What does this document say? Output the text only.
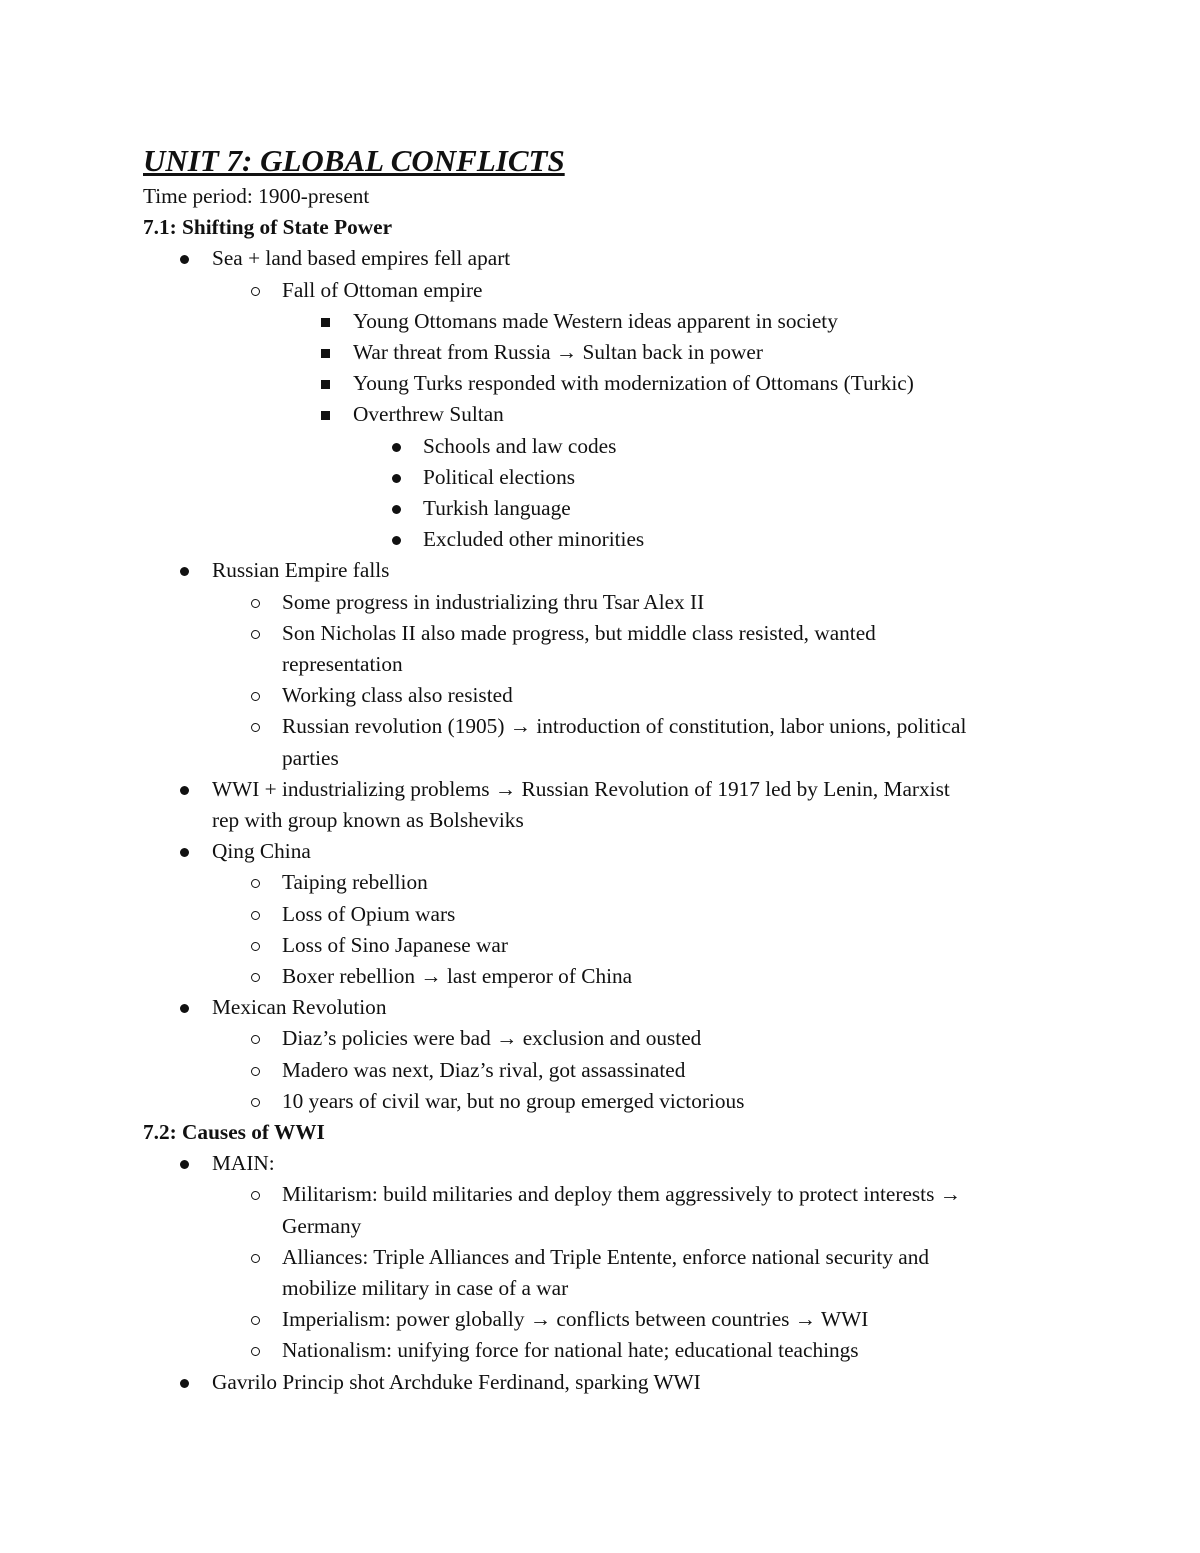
UNIT 7: GLOBAL CONFLICTS
Time period: 1900-present
7.1: Shifting of State Power
Sea + land based empires fell apart
Fall of Ottoman empire
Young Ottomans made Western ideas apparent in society
War threat from Russia → Sultan back in power
Young Turks responded with modernization of Ottomans (Turkic)
Overthrew Sultan
Schools and law codes
Political elections
Turkish language
Excluded other minorities
Russian Empire falls
Some progress in industrializing thru Tsar Alex II
Son Nicholas II also made progress, but middle class resisted, wanted
representation
Working class also resisted
Russian revolution (1905) → introduction of constitution, labor unions, political
parties
WWI + industrializing problems → Russian Revolution of 1917 led by Lenin, Marxist
rep with group known as Bolsheviks
Qing China
Taiping rebellion
Loss of Opium wars
Loss of Sino Japanese war
Boxer rebellion → last emperor of China
Mexican Revolution
Diaz’s policies were bad → exclusion and ousted
Madero was next, Diaz’s rival, got assassinated
10 years of civil war, but no group emerged victorious
7.2: Causes of WWI
MAIN:
Militarism: build militaries and deploy them aggressively to protect interests →
Germany
Alliances: Triple Alliances and Triple Entente, enforce national security and
mobilize military in case of a war
Imperialism: power globally → conflicts between countries → WWI
Nationalism: unifying force for national hate; educational teachings
Gavrilo Princip shot Archduke Ferdinand, sparking WWI
